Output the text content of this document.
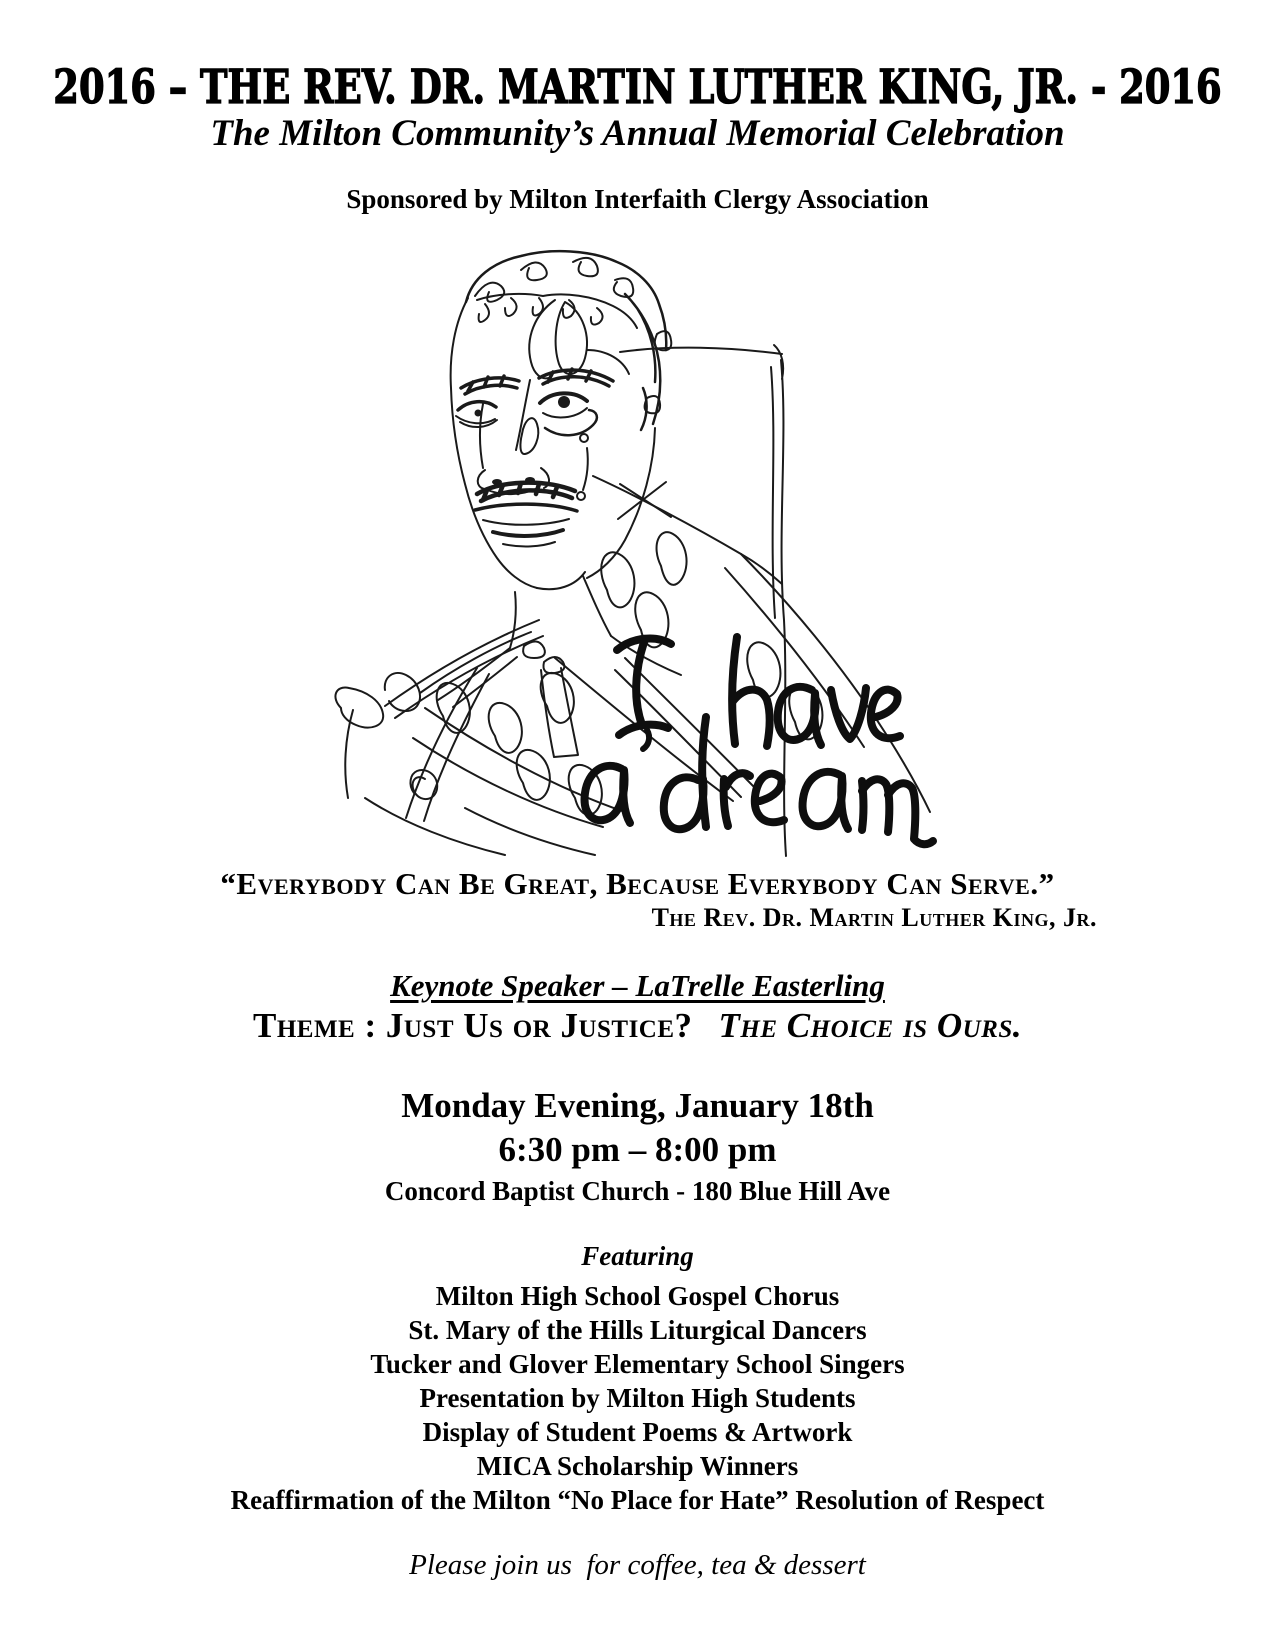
2016 – THE REV. DR. MARTIN LUTHER KING, JR. - 2016
The Milton Community’s Annual Memorial Celebration
Sponsored by Milton Interfaith Clergy Association
“Everybody Can Be Great, Because Everybody Can Serve.”
The Rev. Dr. Martin Luther King, Jr.
Keynote Speaker – LaTrelle Easterling
Theme : Just Us or Justice? The Choice is Ours.
Monday Evening, January 18th
6:30 pm – 8:00 pm
Concord Baptist Church - 180 Blue Hill Ave
Featuring
Milton High School Gospel Chorus
St. Mary of the Hills Liturgical Dancers
Tucker and Glover Elementary School Singers
Presentation by Milton High Students
Display of Student Poems & Artwork
MICA Scholarship Winners
Reaffirmation of the Milton “No Place for Hate” Resolution of Respect
Please join us  for coffee, tea & dessert
